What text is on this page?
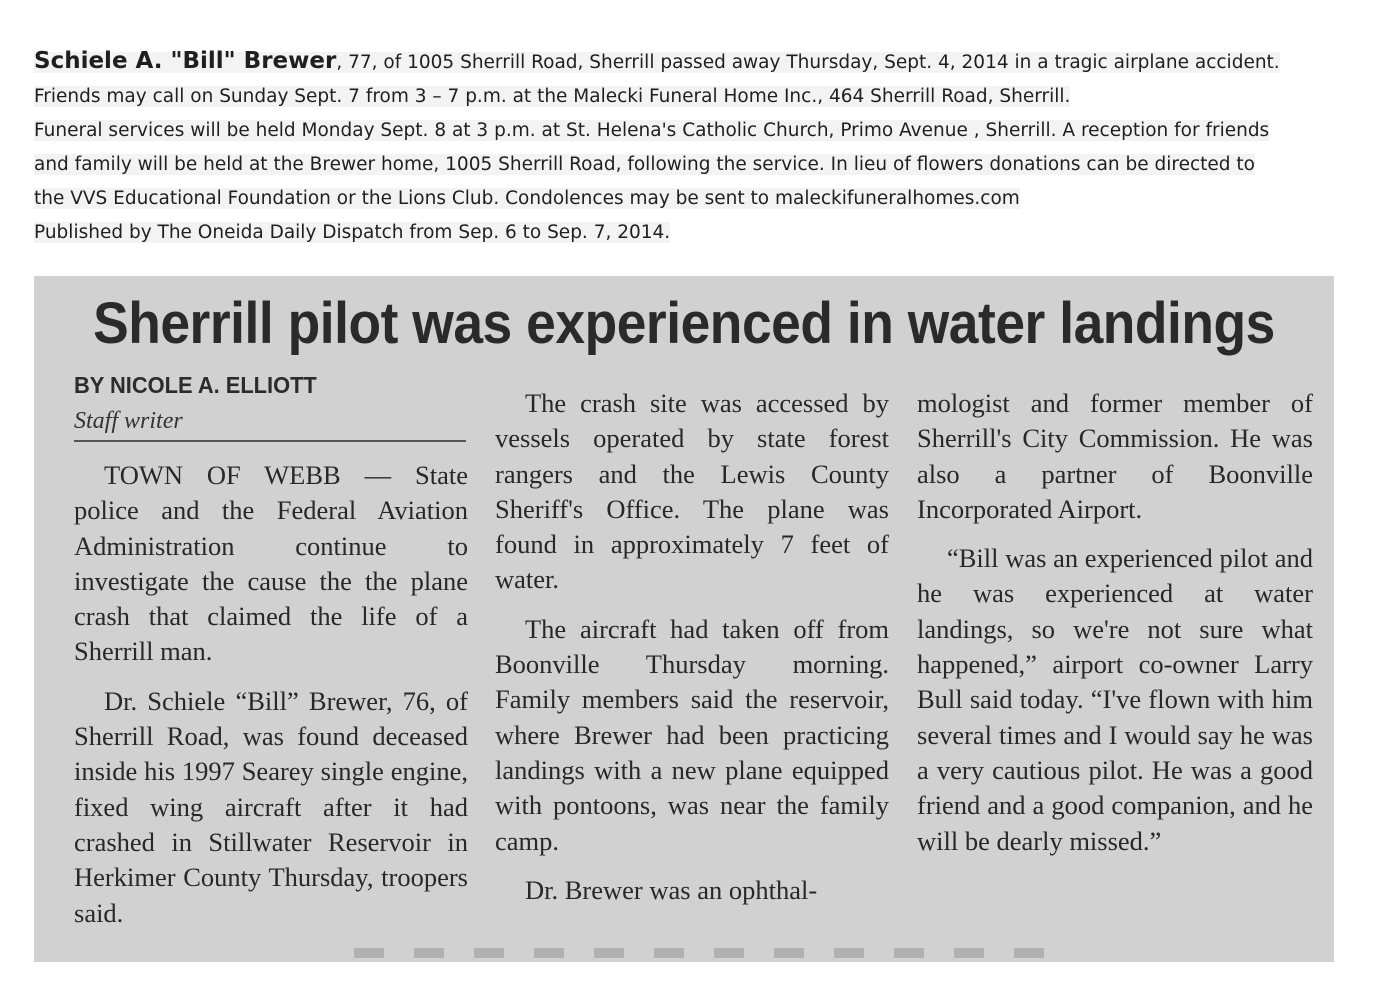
Schiele A. "Bill" Brewer, 77, of 1005 Sherrill Road, Sherrill passed away Thursday, Sept. 4, 2014 in a tragic airplane accident.
Friends may call on Sunday Sept. 7 from 3 – 7 p.m. at the Malecki Funeral Home Inc., 464 Sherrill Road, Sherrill.
Funeral services will be held Monday Sept. 8 at 3 p.m. at St. Helena's Catholic Church, Primo Avenue , Sherrill. A reception for friends
and family will be held at the Brewer home, 1005 Sherrill Road, following the service. In lieu of flowers donations can be directed to
the VVS Educational Foundation or the Lions Club. Condolences may be sent to maleckifuneralhomes.com
Published by The Oneida Daily Dispatch from Sep. 6 to Sep. 7, 2014.
Sherrill pilot was experienced in water landings
BY NICOLE A. ELLIOTT
Staff writer

TOWN OF WEBB — State police and the Federal Aviation Administration continue to investigate the cause the the plane crash that claimed the life of a Sherrill man.

Dr. Schiele “Bill” Brewer, 76, of Sherrill Road, was found deceased inside his 1997 Searey single engine, fixed wing aircraft after it had crashed in Stillwater Reservoir in Herkimer County Thursday, troopers said.

The crash site was accessed by vessels operated by state forest rangers and the Lewis County Sheriff's Office. The plane was found in approximately 7 feet of water.

The aircraft had taken off from Boonville Thursday morning. Family members said the reservoir, where Brewer had been practicing landings with a new plane equipped with pontoons, was near the family camp.

Dr. Brewer was an ophthal-

mologist and former member of Sherrill's City Commission. He was also a partner of Boonville Incorporated Airport.

“Bill was an experienced pilot and he was experienced at water landings, so we're not sure what happened,” airport co-owner Larry Bull said today. “I've flown with him several times and I would say he was a very cautious pilot. He was a good friend and a good companion, and he will be dearly missed.”
